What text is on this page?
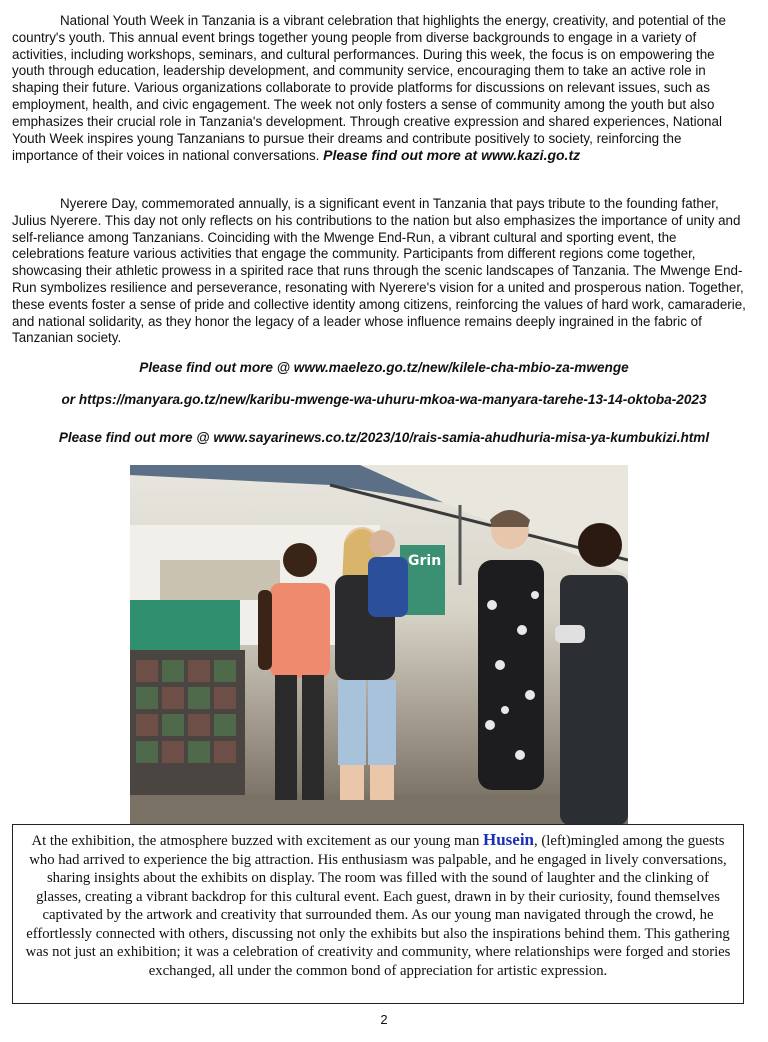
National Youth Week in Tanzania is a vibrant celebration that highlights the energy, creativity, and potential of the country's youth. This annual event brings together young people from diverse backgrounds to engage in a variety of activities, including workshops, seminars, and cultural performances. During this week, the focus is on empowering the youth through education, leadership development, and community service, encouraging them to take an active role in shaping their future. Various organizations collaborate to provide platforms for discussions on relevant issues, such as employment, health, and civic engagement. The week not only fosters a sense of community among the youth but also emphasizes their crucial role in Tanzania's development. Through creative expression and shared experiences, National Youth Week inspires young Tanzanians to pursue their dreams and contribute positively to society, reinforcing the importance of their voices in national conversations. Please find out more at www.kazi.go.tz

Nyerere Day, commemorated annually, is a significant event in Tanzania that pays tribute to the founding father, Julius Nyerere. This day not only reflects on his contributions to the nation but also emphasizes the importance of unity and self-reliance among Tanzanians. Coinciding with the Mwenge End-Run, a vibrant cultural and sporting event, the celebrations feature various activities that engage the community. Participants from different regions come together, showcasing their athletic prowess in a spirited race that runs through the scenic landscapes of Tanzania. The Mwenge End-Run symbolizes resilience and perseverance, resonating with Nyerere's vision for a united and prosperous nation. Together, these events foster a sense of pride and collective identity among citizens, reinforcing the values of hard work, camaraderie, and national solidarity, as they honor the legacy of a leader whose influence remains deeply ingrained in the fabric of Tanzanian society.

Please find out more @ www.maelezo.go.tz/new/kilele-cha-mbio-za-mwenge

or https://manyara.go.tz/new/karibu-mwenge-wa-uhuru-mkoa-wa-manyara-tarehe-13-14-oktoba-2023

Please find out more @ www.sayarinews.co.tz/2023/10/rais-samia-ahudhuria-misa-ya-kumbukizi.html

Grin
At the exhibition, the atmosphere buzzed with excitement as our young man Husein, (left)mingled among the guests who had arrived to experience the big attraction. His enthusiasm was palpable, and he engaged in lively conversations, sharing insights about the exhibits on display. The room was filled with the sound of laughter and the clinking of glasses, creating a vibrant backdrop for this cultural event. Each guest, drawn in by their curiosity, found themselves captivated by the artwork and creativity that surrounded them. As our young man navigated through the crowd, he effortlessly connected with others, discussing not only the exhibits but also the inspirations behind them. This gathering was not just an exhibition; it was a celebration of creativity and community, where relationships were forged and stories exchanged, all under the common bond of appreciation for artistic expression.
2
